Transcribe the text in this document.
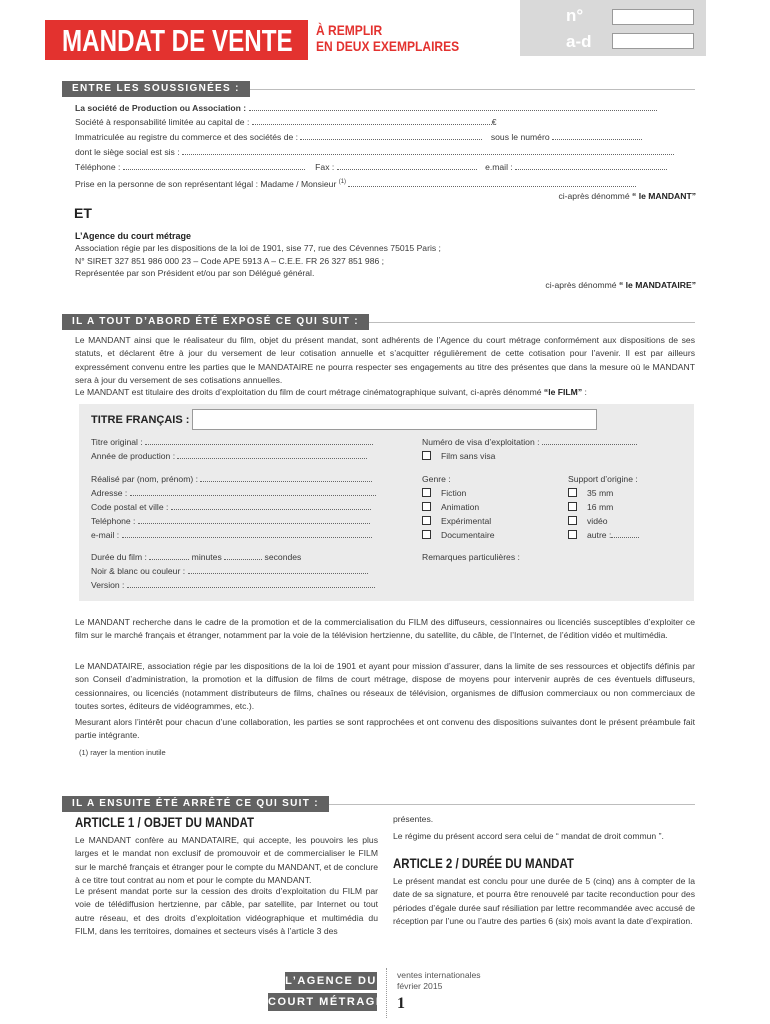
MANDAT DE VENTE À REMPLIR
EN DEUX EXEMPLAIRES
n°
a-d
ENTRE LES SOUSSIGNÉES :
La société de Production ou Association :
Société à responsabilité limitée au capital de :	€
Immatriculée au registre du commerce et des sociétés de :	sous le numéro
dont le siège social est sis :
Téléphone :	Fax :	e.mail :
Prise en la personne de son représentant légal : Madame / Monsieur $^{(1)}$
ci-après dénommé “ le MANDANT”
ET
L’Agence du court métrage
Association régie par les dispositions de la loi de 1901, sise 77, rue des Cévennes 75015 Paris ;
N° SIRET 327 851 986 000 23 – Code APE 5913 A – C.E.E. FR 26 327 851 986 ;
Représentée par son Président et/ou par son Délégué général.
ci-après dénommé “ le MANDATAIRE”
IL A TOUT D’ABORD ÉTÉ EXPOSÉ CE QUI SUIT :
Le MANDANT ainsi que le réalisateur du film, objet du présent mandat, sont adhérents de l’Agence du court métrage conformément aux dispositions de ses statuts, et déclarent être à jour du versement de leur cotisation annuelle et s’acquitter régulièrement de cette cotisation pour l’avenir. Il est par ailleurs expressément convenu entre les parties que le MANDATAIRE ne pourra respecter ses engagements au titre des présentes que dans la mesure où le MANDANT sera à jour du versement de ses cotisations annuelles.
Le MANDANT est titulaire des droits d’exploitation du film de court métrage cinématographique suivant, ci-après dénommé “le FILM” :
TITRE FRANÇAIS :
Titre original :
Année de production :
Numéro de visa d’exploitation :
Film sans visa
Réalisé par (nom, prénom) :
Adresse :
Code postal et ville :
Teléphone :
e-mail :
Genre :
Fiction
Animation
Expérimental
Documentaire
Support d’origine :
35 mm
16 mm
vidéo
autre :
Durée du film :	minutes	secondes
Noir & blanc ou couleur :
Version :
Remarques particulières :
Le MANDANT recherche dans le cadre de la promotion et de la commercialisation du FILM des diffuseurs, cessionnaires ou licenciés susceptibles d’exploiter ce film sur le marché français et étranger, notamment par la voie de la télévision hertzienne, du satellite, du câble, de l’Internet, de l’édition vidéo et multimédia.
Le MANDATAIRE, association régie par les dispositions de la loi de 1901 et ayant pour mission d’assurer, dans la limite de ses ressources et objectifs définis par son Conseil d’administration, la promotion et la diffusion de films de court métrage, dispose de moyens pour intervenir auprès de ces éventuels diffuseurs, cessionnaires, ou licenciés (notamment distributeurs de films, chaînes ou réseaux de télévision, organismes de diffusion commerciaux ou non commerciaux de toutes sortes, éditeurs de vidéogrammes, etc.).
Mesurant alors l’intérêt pour chacun d’une collaboration, les parties se sont rapprochées et ont convenu des dispositions suivantes dont le présent préambule fait partie intégrante.
(1) rayer la mention inutile
IL A ENSUITE ÉTÉ ARRÊTÉ CE QUI SUIT :
ARTICLE 1 / OBJET DU MANDAT
Le MANDANT confère au MANDATAIRE, qui accepte, les pouvoirs les plus larges et le mandat non exclusif de promouvoir et de commercialiser le FILM sur le marché français et étranger pour le compte du MANDANT, et de conclure à ce titre tout contrat au nom et pour le compte du MANDANT.
Le présent mandat porte sur la cession des droits d’exploitation du FILM par voie de télédiffusion hertzienne, par câble, par satellite, par Internet ou tout autre réseau, et des droits d’exploitation vidéographique et multimédia du FILM, dans les territoires, domaines et secteurs visés à l’article 3 des
présentes.
Le régime du présent accord sera celui de “ mandat de droit commun ”.
ARTICLE 2 / DURÉE DU MANDAT
Le présent mandat est conclu pour une durée de 5 (cinq) ans à compter de la date de sa signature, et pourra être renouvelé par tacite reconduction pour des périodes d’égale durée sauf résiliation par lettre recommandée avec accusé de réception par l’une ou l’autre des parties 6 (six) mois avant la date d’expiration.
L’AGENCE DU
COURT MÉTRAGE
ventes internationales
février 2015
1
